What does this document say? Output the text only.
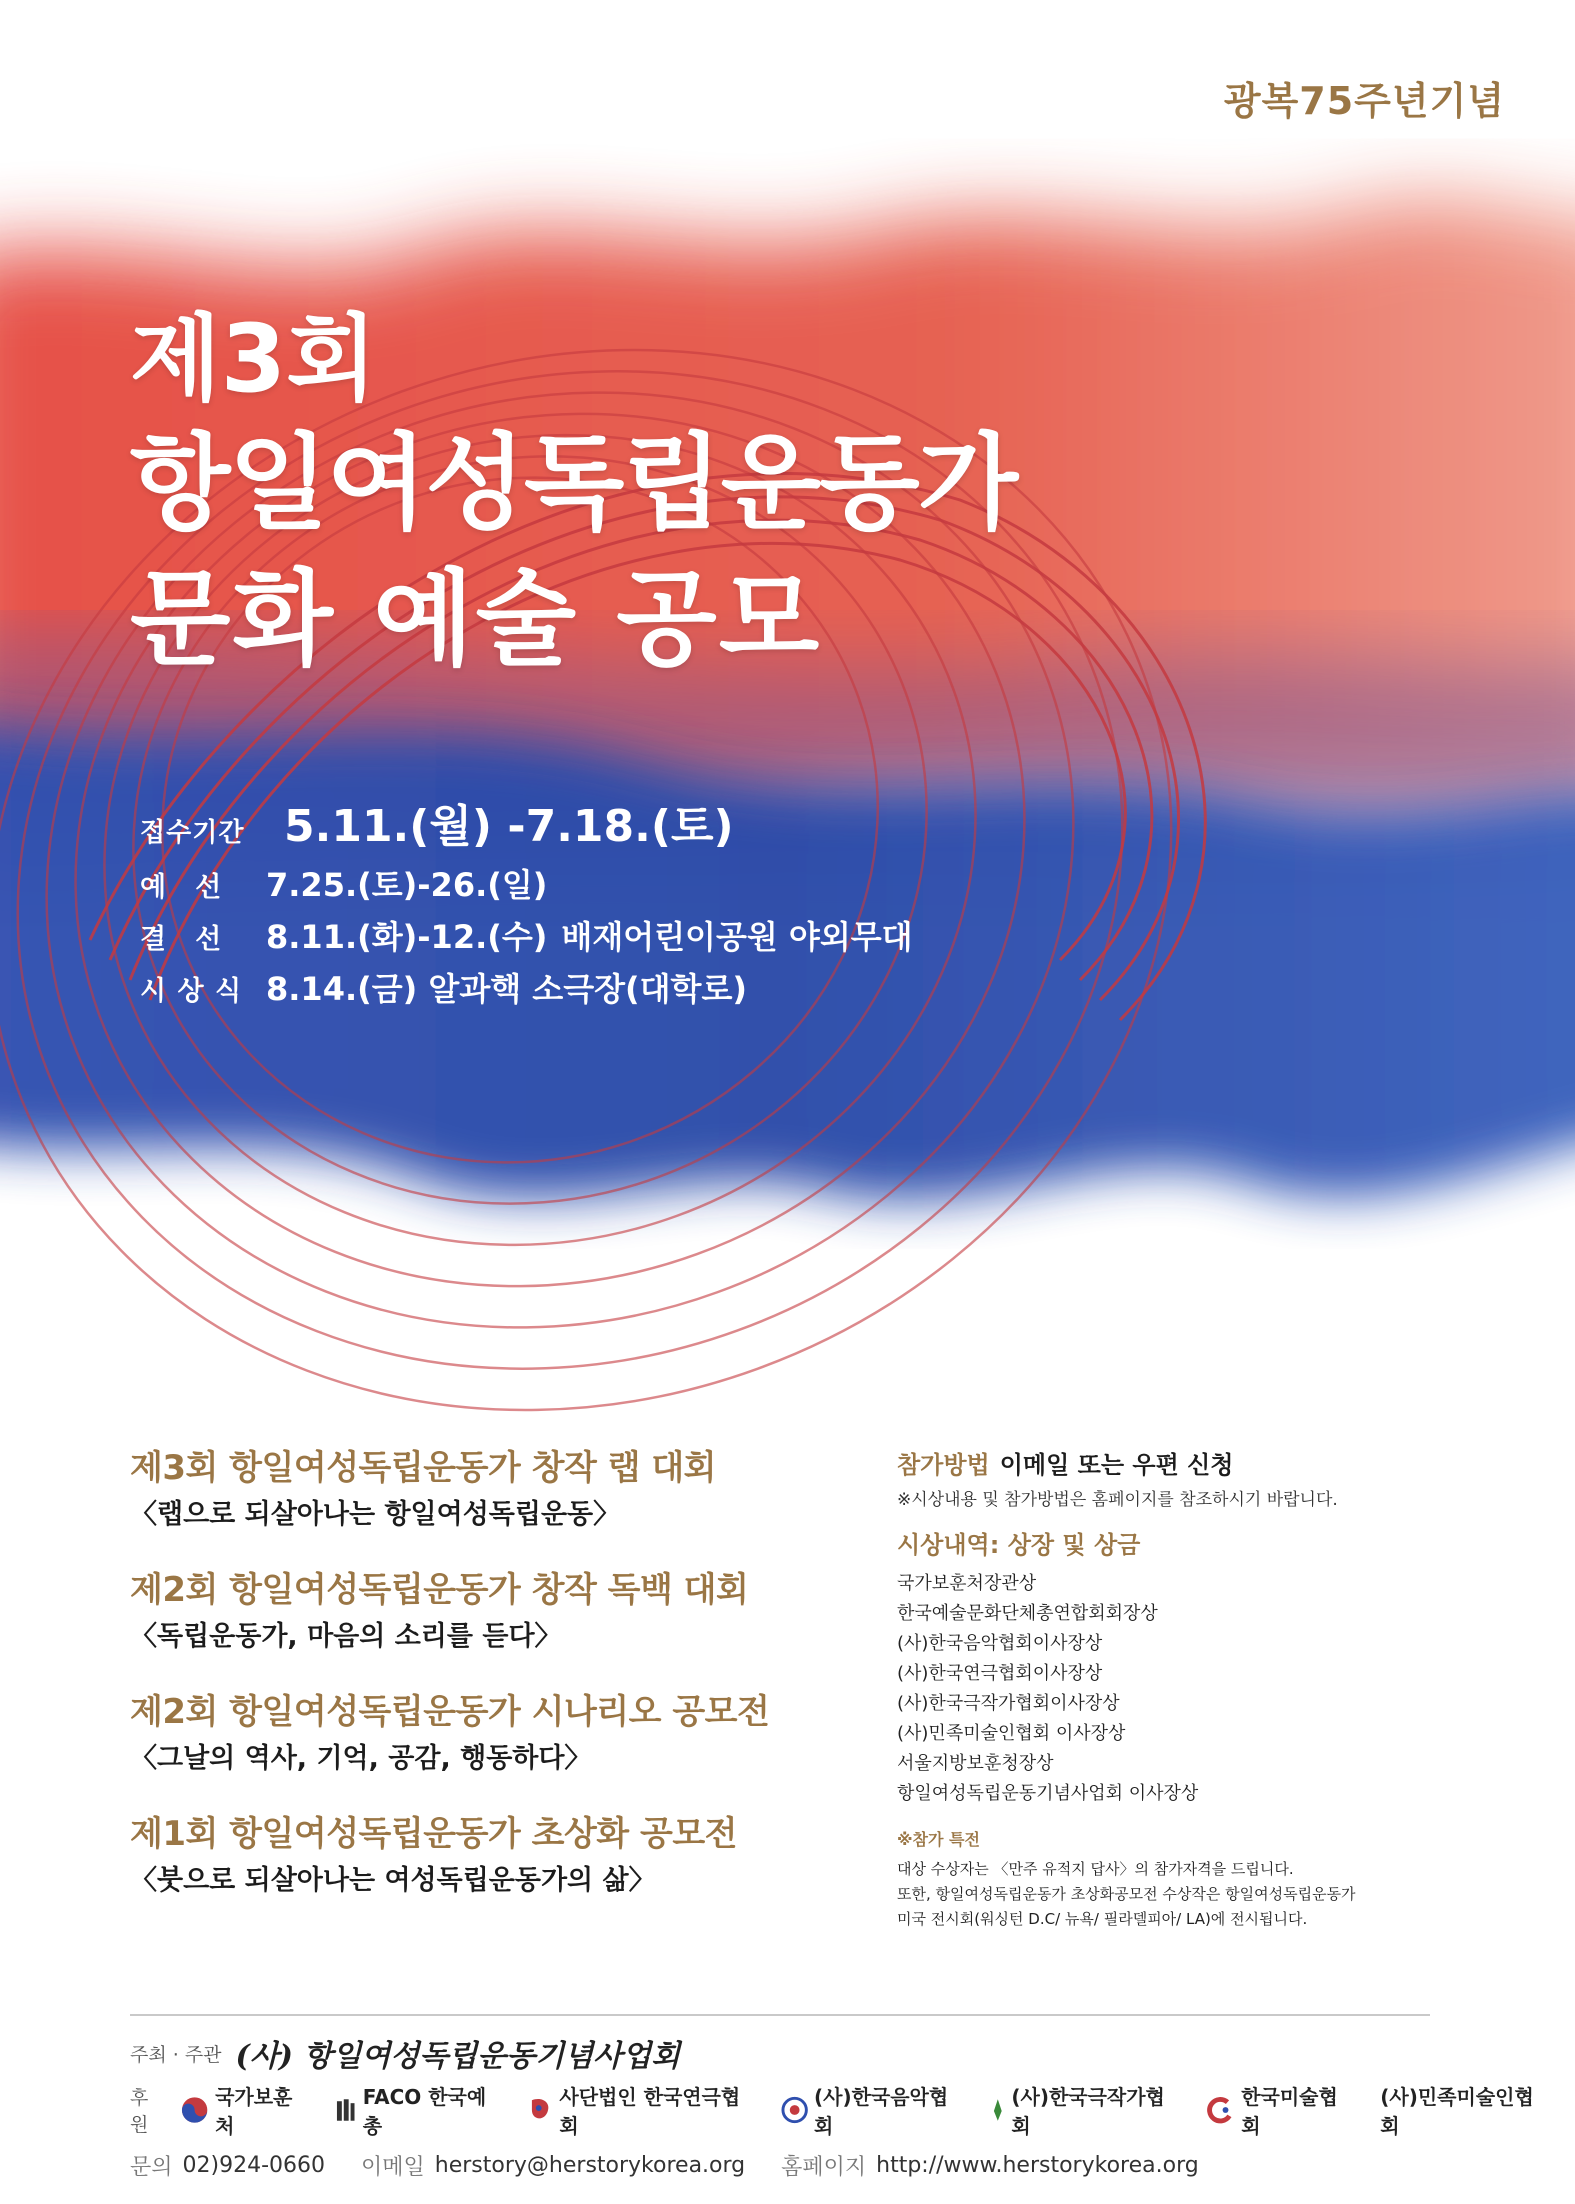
광복75주년기념
제3회
항일여성독립운동가
문화 예술 공모
접수기간 5.11.(월) -7.18.(토)
예　선	7.25.(토)-26.(일)
결　선	8.11.(화)-12.(수) 배재어린이공원 야외무대
시 상 식 8.14.(금) 알과핵 소극장(대학로)
제3회 항일여성독립운동가 창작 랩 대회
〈랩으로 되살아나는 항일여성독립운동〉
제2회 항일여성독립운동가 창작 독백 대회
〈독립운동가, 마음의 소리를 듣다〉
제2회 항일여성독립운동가 시나리오 공모전
〈그날의 역사, 기억, 공감, 행동하다〉
제1회 항일여성독립운동가 초상화 공모전
〈붓으로 되살아나는 여성독립운동가의 삶〉
참가방법 이메일 또는 우편 신청
※시상내용 및 참가방법은 홈페이지를 참조하시기 바랍니다.
시상내역: 상장 및 상금
국가보훈처장관상
한국예술문화단체총연합회회장상
(사)한국음악협회이사장상
(사)한국연극협회이사장상
(사)한국극작가협회이사장상
(사)민족미술인협회 이사장상
서울지방보훈청장상
항일여성독립운동기념사업회 이사장상
※참가 특전
대상 수상자는 〈만주 유적지 답사〉의 참가자격을 드립니다.
또한, 항일여성독립운동가 초상화공모전 수상작은 항일여성독립운동가
미국 전시회(워싱턴 D.C/ 뉴욕/ 필라델피아/ LA)에 전시됩니다.
주최 · 주관 (사) 항일여성독립운동기념사업회
후원
국가보훈처
FACO 한국예총
사단법인 한국연극협회
(사)한국음악협회
(사)한국극작가협회
한국미술협회
(사)민족미술인협회
문의 02)924-0660 이메일 herstory@herstorykorea.org 홈페이지 http://www.herstorykorea.org
